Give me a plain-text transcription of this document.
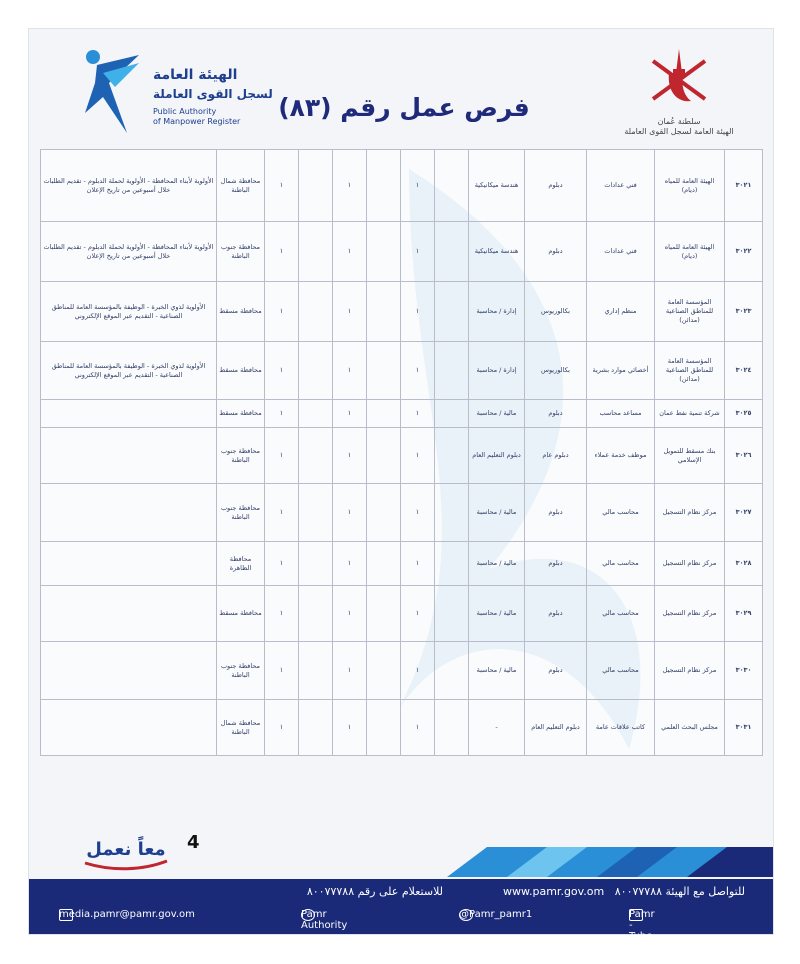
الهيئة العامة
لسجل القوى العاملة
Public Authority
of Manpower Register	فرص عمل رقم (٨٣)	سلطنة عُمان
الهيئة العامة لسجل القوى العاملة
٣٠٢١	الهيئة العامة للمياه (ديام)	فني عدادات	دبلوم	هندسة ميكانيكية		١		١		١	محافظة شمال الباطنة	الأولوية لأبناء المحافظة - الأولوية لحملة الدبلوم - تقديم الطلبات خلال أسبوعين من تاريخ الإعلان
٣٠٢٢	الهيئة العامة للمياه (ديام)	فني عدادات	دبلوم	هندسة ميكانيكية		١		١		١	محافظة جنوب الباطنة	الأولوية لأبناء المحافظة - الأولوية لحملة الدبلوم - تقديم الطلبات خلال أسبوعين من تاريخ الإعلان
٣٠٢٣	المؤسسة العامة للمناطق الصناعية (مدائن)	منظم إداري	بكالوريوس	إدارة / محاسبة		١		١		١	محافظة مسقط	الأولوية لذوي الخبرة - الوظيفة بالمؤسسة العامة للمناطق الصناعية - التقديم عبر الموقع الإلكتروني
٣٠٢٤	المؤسسة العامة للمناطق الصناعية (مدائن)	أخصائي موارد بشرية	بكالوريوس	إدارة / محاسبة		١		١		١	محافظة مسقط	الأولوية لذوي الخبرة - الوظيفة بالمؤسسة العامة للمناطق الصناعية - التقديم عبر الموقع الإلكتروني
٣٠٢٥	شركة تنمية نفط عمان	مساعد محاسب	دبلوم	مالية / محاسبة		١		١		١	محافظة مسقط	
٣٠٢٦	بنك مسقط للتمويل الإسلامي	موظف خدمة عملاء	دبلوم عام	دبلوم التعليم العام		١		١		١	محافظة جنوب الباطنة	
٣٠٢٧	مركز نظام التسجيل	محاسب مالي	دبلوم	مالية / محاسبة		١		١		١	محافظة جنوب الباطنة	
٣٠٢٨	مركز نظام التسجيل	محاسب مالي	دبلوم	مالية / محاسبة		١		١		١	محافظة الظاهرة	
٣٠٢٩	مركز نظام التسجيل	محاسب مالي	دبلوم	مالية / محاسبة		١		١		١	محافظة مسقط	
٣٠٣٠	مركز نظام التسجيل	محاسب مالي	دبلوم	مالية / محاسبة		١		١		١	محافظة جنوب الباطنة	
٣٠٣١	مجلس البحث العلمي	كاتب علاقات عامة	دبلوم التعليم العام	-		١		١		١	محافظة شمال الباطنة	
معاً نعمل 4
للتواصل مع الهيئة ٨٠٠٧٧٧٨٨   www.pamr.gov.om
للاستعلام على رقم ٨٠٠٧٧٧٨٨
media.pamr@pamr.gov.om	Pamr Authority
@Pamr_pamr1	Pamr - Tube
